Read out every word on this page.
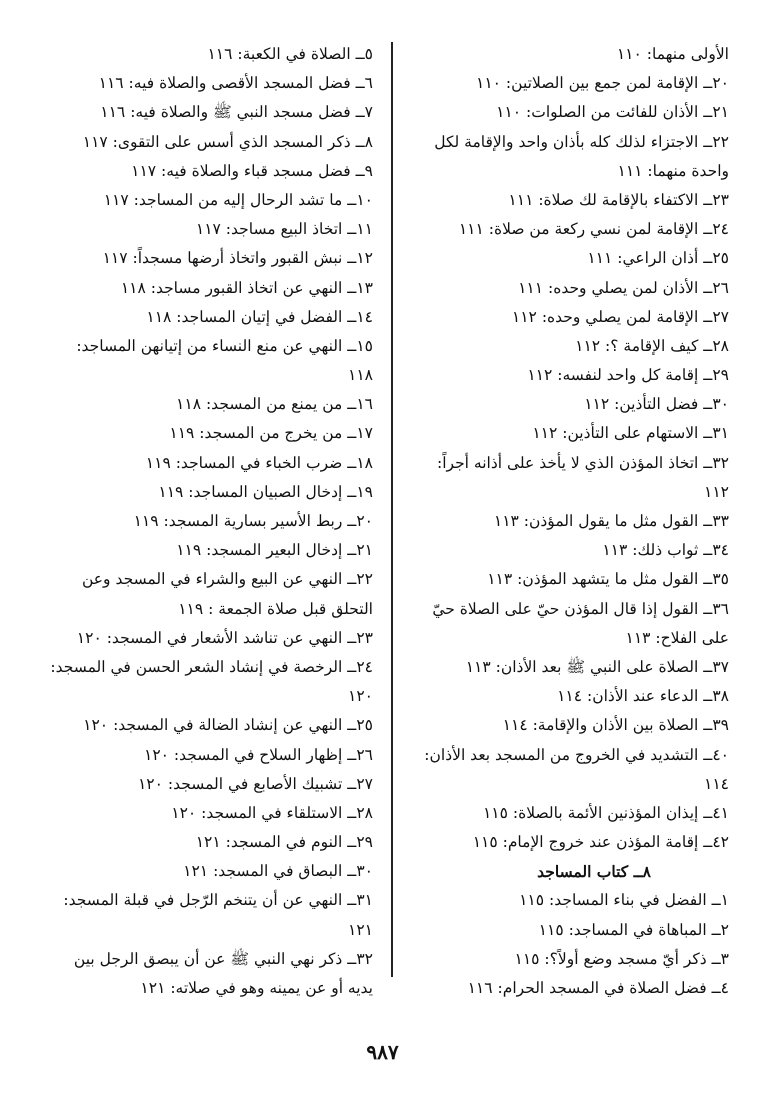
الأولى منهما: ١١٠
٢٠ــ الإقامة لمن جمع بين الصلاتين: ١١٠
٢١ــ الأذان للفائت من الصلوات: ١١٠
٢٢ــ الاجتزاء لذلك كله بأذان واحد والإقامة لكل
واحدة منهما: ١١١
٢٣ــ الاكتفاء بالإقامة لك صلاة: ١١١
٢٤ــ الإقامة لمن نسي ركعة من صلاة: ١١١
٢٥ــ أذان الراعي: ١١١
٢٦ــ الأذان لمن يصلي وحده: ١١١
٢٧ــ الإقامة لمن يصلي وحده: ١١٢
٢٨ــ كيف الإقامة ؟: ١١٢
٢٩ــ إقامة كل واحد لنفسه: ١١٢
٣٠ــ فضل التأذين: ١١٢
٣١ــ الاستهام على التأذين: ١١٢
٣٢ــ اتخاذ المؤذن الذي لا يأخذ على أذانه أجراً:
١١٢
٣٣ــ القول مثل ما يقول المؤذن: ١١٣
٣٤ــ ثواب ذلك: ١١٣
٣٥ــ القول مثل ما يتشهد المؤذن: ١١٣
٣٦ــ القول إذا قال المؤذن حيّ على الصلاة حيّ
على الفلاح: ١١٣
٣٧ــ الصلاة على النبي ﷺ بعد الأذان: ١١٣
٣٨ــ الدعاء عند الأذان: ١١٤
٣٩ــ الصلاة بين الأذان والإقامة: ١١٤
٤٠ــ التشديد في الخروج من المسجد بعد الأذان:
١١٤
٤١ــ إيذان المؤذنين الأئمة بالصلاة: ١١٥
٤٢ــ إقامة المؤذن عند خروج الإمام: ١١٥
٨ــ كتاب المساجد
١ــ الفضل في بناء المساجد: ١١٥
٢ــ المباهاة في المساجد: ١١٥
٣ــ ذكر أيّ مسجد وضع أولاً؟: ١١٥
٤ــ فضل الصلاة في المسجد الحرام: ١١٦
٥ــ الصلاة في الكعبة: ١١٦
٦ــ فضل المسجد الأقصى والصلاة فيه: ١١٦
٧ــ فضل مسجد النبي ﷺ والصلاة فيه: ١١٦
٨ــ ذكر المسجد الذي أسس على التقوى: ١١٧
٩ــ فضل مسجد قباء والصلاة فيه: ١١٧
١٠ــ ما تشد الرحال إليه من المساجد: ١١٧
١١ــ اتخاذ البيع مساجد: ١١٧
١٢ــ نبش القبور واتخاذ أرضها مسجداً: ١١٧
١٣ــ النهي عن اتخاذ القبور مساجد: ١١٨
١٤ــ الفضل في إتيان المساجد: ١١٨
١٥ــ النهي عن منع النساء من إتيانهن المساجد:
١١٨
١٦ــ من يمنع من المسجد: ١١٨
١٧ــ من يخرج من المسجد: ١١٩
١٨ــ ضرب الخباء في المساجد: ١١٩
١٩ــ إدخال الصبيان المساجد: ١١٩
٢٠ــ ربط الأسير بسارية المسجد: ١١٩
٢١ــ إدخال البعير المسجد: ١١٩
٢٢ــ النهي عن البيع والشراء في المسجد وعن
التحلق قبل صلاة الجمعة : ١١٩
٢٣ــ النهي عن تناشد الأشعار في المسجد: ١٢٠
٢٤ــ الرخصة في إنشاد الشعر الحسن في المسجد:
١٢٠
٢٥ــ النهي عن إنشاد الضالة في المسجد: ١٢٠
٢٦ــ إظهار السلاح في المسجد: ١٢٠
٢٧ــ تشبيك الأصابع في المسجد: ١٢٠
٢٨ــ الاستلقاء في المسجد: ١٢٠
٢٩ــ النوم في المسجد: ١٢١
٣٠ــ البصاق في المسجد: ١٢١
٣١ــ النهي عن أن يتنخم الرّجل في قبلة المسجد:
١٢١
٣٢ــ ذكر نهي النبي ﷺ عن أن يبصق الرجل بين
يديه أو عن يمينه وهو في صلاته: ١٢١
٩٨٧
